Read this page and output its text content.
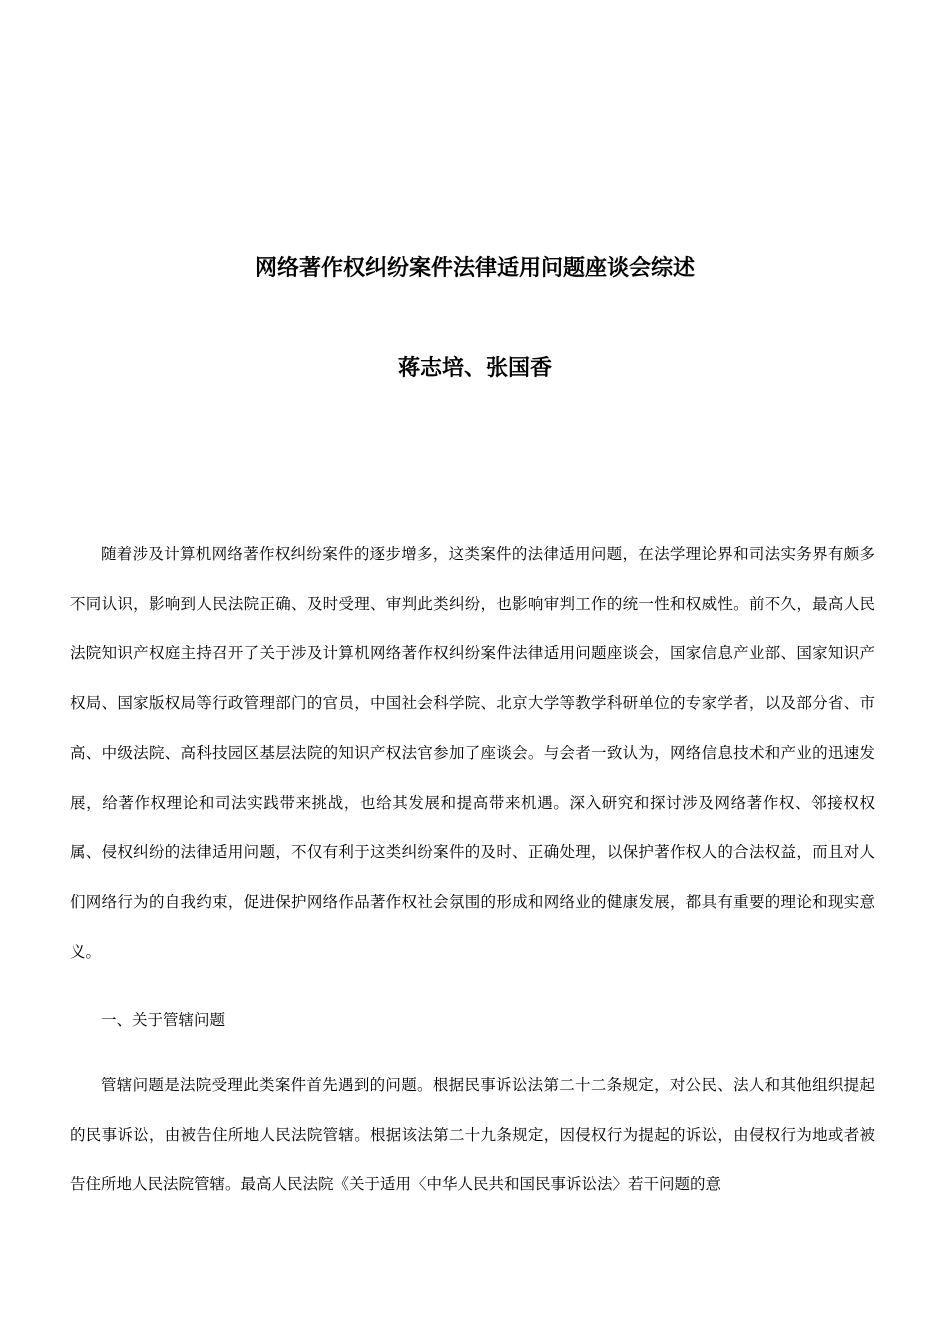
网络著作权纠纷案件法律适用问题座谈会综述
蒋志培、张国香

随着涉及计算机网络著作权纠纷案件的逐步增多，这类案件的法律适用问题，在法学理论界和司法实务界有颇多不同认识，影响到人民法院正确、及时受理、审判此类纠纷，也影响审判工作的统一性和权威性。前不久，最高人民法院知识产权庭主持召开了关于涉及计算机网络著作权纠纷案件法律适用问题座谈会，国家信息产业部、国家知识产权局、国家版权局等行政管理部门的官员，中国社会科学院、北京大学等教学科研单位的专家学者，以及部分省、市高、中级法院、高科技园区基层法院的知识产权法官参加了座谈会。与会者一致认为，网络信息技术和产业的迅速发展，给著作权理论和司法实践带来挑战，也给其发展和提高带来机遇。深入研究和探讨涉及网络著作权、邻接权权属、侵权纠纷的法律适用问题，不仅有利于这类纠纷案件的及时、正确处理，以保护著作权人的合法权益，而且对人们网络行为的自我约束，促进保护网络作品著作权社会氛围的形成和网络业的健康发展，都具有重要的理论和现实意义。

一、关于管辖问题

管辖问题是法院受理此类案件首先遇到的问题。根据民事诉讼法第二十二条规定，对公民、法人和其他组织提起的民事诉讼，由被告住所地人民法院管辖。根据该法第二十九条规定，因侵权行为提起的诉讼，由侵权行为地或者被告住所地人民法院管辖。最高人民法院《关于适用〈中华人民共和国民事诉讼法〉若干问题的意
